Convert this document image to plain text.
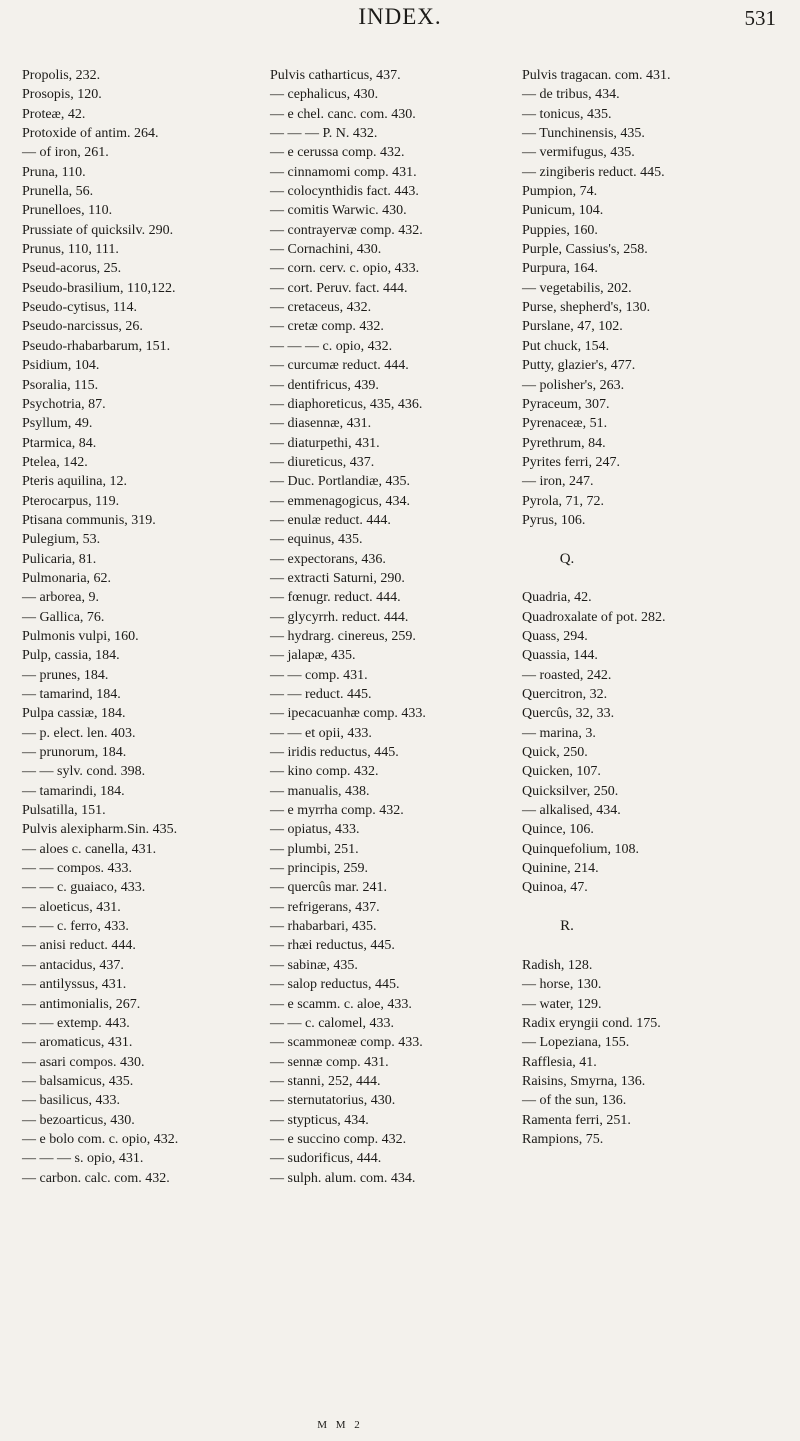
INDEX.	531
Propolis, 232.
Prosopis, 120.
Proteæ, 42.
Protoxide of antim. 264.
— of iron, 261.
Pruna, 110.
Prunella, 56.
Prunelloes, 110.
Prussiate of quicksilv. 290.
Prunus, 110, 111.
Pseud-acorus, 25.
Pseudo-brasilium, 110,122.
Pseudo-cytisus, 114.
Pseudo-narcissus, 26.
Pseudo-rhabarbarum, 151.
Psidium, 104.
Psoralia, 115.
Psychotria, 87.
Psyllum, 49.
Ptarmica, 84.
Ptelea, 142.
Pteris aquilina, 12.
Pterocarpus, 119.
Ptisana communis, 319.
Pulegium, 53.
Pulicaria, 81.
Pulmonaria, 62.
— arborea, 9.
— Gallica, 76.
Pulmonis vulpi, 160.
Pulp, cassia, 184.
— prunes, 184.
— tamarind, 184.
Pulpa cassiæ, 184.
— p. elect. len. 403.
— prunorum, 184.
— — sylv. cond. 398.
— tamarindi, 184.
Pulsatilla, 151.
Pulvis alexipharm.Sin. 435.
— aloes c. canella, 431.
— — compos. 433.
— — c. guaiaco, 433.
— aloeticus, 431.
— — c. ferro, 433.
— anisi reduct. 444.
— antacidus, 437.
— antilyssus, 431.
— antimonialis, 267.
— — extemp. 443.
— aromaticus, 431.
— asari compos. 430.
— balsamicus, 435.
— basilicus, 433.
— bezoarticus, 430.
— e bolo com. c. opio, 432.
— — — s. opio, 431.
— carbon. calc. com. 432.
Pulvis catharticus, 437.
— cephalicus, 430.
— e chel. canc. com. 430.
— — — P. N. 432.
— e cerussa comp. 432.
— cinnamomi comp. 431.
— colocynthidis fact. 443.
— comitis Warwic. 430.
— contrayervæ comp. 432.
— Cornachini, 430.
— corn. cerv. c. opio, 433.
— cort. Peruv. fact. 444.
— cretaceus, 432.
— cretæ comp. 432.
— — — c. opio, 432.
— curcumæ reduct. 444.
— dentifricus, 439.
— diaphoreticus, 435, 436.
— diasennæ, 431.
— diaturpethi, 431.
— diureticus, 437.
— Duc. Portlandiæ, 435.
— emmenagogicus, 434.
— enulæ reduct. 444.
— equinus, 435.
— expectorans, 436.
— extracti Saturni, 290.
— fœnugr. reduct. 444.
— glycyrrh. reduct. 444.
— hydrarg. cinereus, 259.
— jalapæ, 435.
— — comp. 431.
— — reduct. 445.
— ipecacuanhæ comp. 433.
— — et opii, 433.
— iridis reductus, 445.
— kino comp. 432.
— manualis, 438.
— e myrrha comp. 432.
— opiatus, 433.
— plumbi, 251.
— principis, 259.
— quercûs mar. 241.
— refrigerans, 437.
— rhabarbari, 435.
— rhæi reductus, 445.
— sabinæ, 435.
— salop reductus, 445.
— e scamm. c. aloe, 433.
— — c. calomel, 433.
— scammoneæ comp. 433.
— sennæ comp. 431.
— stanni, 252, 444.
— sternutatorius, 430.
— stypticus, 434.
— e succino comp. 432.
— sudorificus, 444.
— sulph. alum. com. 434.
Pulvis tragacan. com. 431.
— de tribus, 434.
— tonicus, 435.
— Tunchinensis, 435.
— vermifugus, 435.
— zingiberis reduct. 445.
Pumpion, 74.
Punicum, 104.
Puppies, 160.
Purple, Cassius's, 258.
Purpura, 164.
— vegetabilis, 202.
Purse, shepherd's, 130.
Purslane, 47, 102.
Put chuck, 154.
Putty, glazier's, 477.
— polisher's, 263.
Pyraceum, 307.
Pyrenaceæ, 51.
Pyrethrum, 84.
Pyrites ferri, 247.
— iron, 247.
Pyrola, 71, 72.
Pyrus, 106.
Q.
Quadria, 42.
Quadroxalate of pot. 282.
Quass, 294.
Quassia, 144.
— roasted, 242.
Quercitron, 32.
Quercûs, 32, 33.
— marina, 3.
Quick, 250.
Quicken, 107.
Quicksilver, 250.
— alkalised, 434.
Quince, 106.
Quinquefolium, 108.
Quinine, 214.
Quinoa, 47.
R.
Radish, 128.
— horse, 130.
— water, 129.
Radix eryngii cond. 175.
— Lopeziana, 155.
Rafflesia, 41.
Raisins, Smyrna, 136.
— of the sun, 136.
Ramenta ferri, 251.
Rampions, 75.
M M 2
